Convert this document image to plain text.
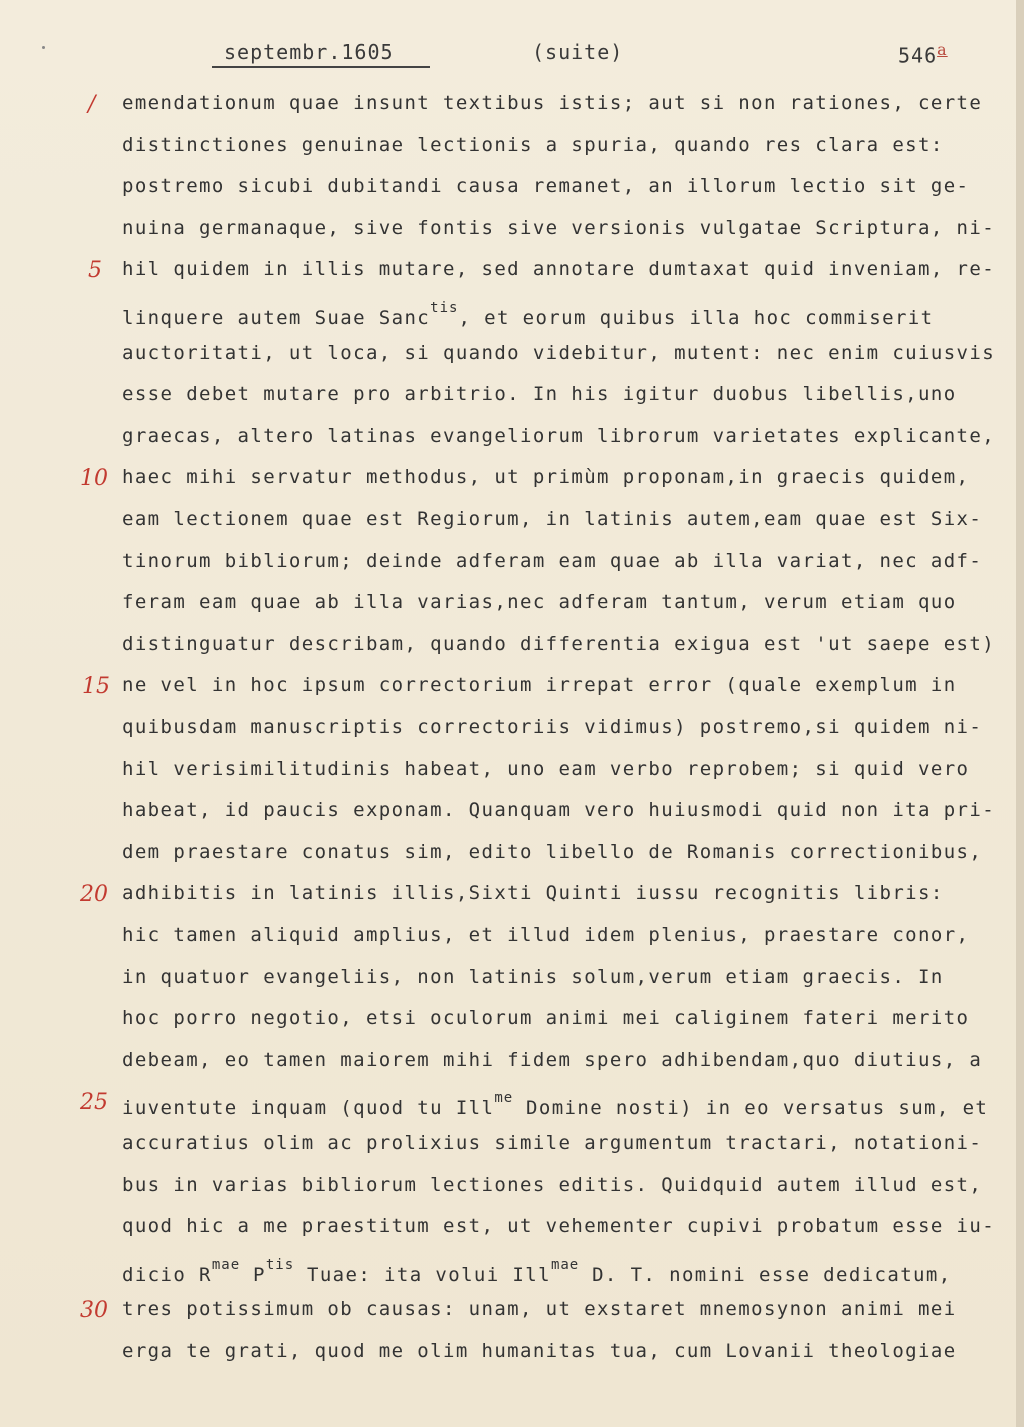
septembr.1605	(suite)	546$^a$
/
5
10
15
20
25
30
emendationum quae insunt textibus istis; aut si non rationes, certe
distinctiones genuinae lectionis a spuria, quando res clara est:
postremo sicubi dubitandi causa remanet, an illorum lectio sit ge-
nuina germanaque, sive fontis sive versionis vulgatae Scriptura, ni-
hil quidem in illis mutare, sed annotare dumtaxat quid inveniam, re-
linquere autem Suae Sanc$^{tis}$, et eorum quibus illa hoc commiserit
auctoritati, ut loca, si quando videbitur, mutent: nec enim cuiusvis
esse debet mutare pro arbitrio. In his igitur duobus libellis,uno
graecas, altero latinas evangeliorum librorum varietates explicante,
haec mihi servatur methodus, ut primùm proponam,in graecis quidem,
eam lectionem quae est Regiorum, in latinis autem,eam quae est Six-
tinorum bibliorum; deinde adferam eam quae ab illa variat, nec adf-
feram eam quae ab illa varias,nec adferam tantum, verum etiam quo
distinguatur describam, quando differentia exigua est 'ut saepe est)
ne vel in hoc ipsum correctorium irrepat error (quale exemplum in
quibusdam manuscriptis correctoriis vidimus) postremo,si quidem ni-
hil verisimilitudinis habeat, uno eam verbo reprobem; si quid vero
habeat, id paucis exponam. Quanquam vero huiusmodi quid non ita pri-
dem praestare conatus sim, edito libello de Romanis correctionibus,
adhibitis in latinis illis,Sixti Quinti iussu recognitis libris:
hic tamen aliquid amplius, et illud idem plenius, praestare conor,
in quatuor evangeliis, non latinis solum,verum etiam graecis. In
hoc porro negotio, etsi oculorum animi mei caliginem fateri merito
debeam, eo tamen maiorem mihi fidem spero adhibendam,quo diutius, a
iuventute inquam (quod tu Ill$^{me}$ Domine nosti) in eo versatus sum, et
accuratius olim ac prolixius simile argumentum tractari, notationi-
bus in varias bibliorum lectiones editis. Quidquid autem illud est,
quod hic a me praestitum est, ut vehementer cupivi probatum esse iu-
dicio $R^{mae}$ $P^{tis}$ Tuae: ita volui Ill$^{mae}$ D. T. nomini esse dedicatum,
tres potissimum ob causas: unam, ut exstaret mnemosynon animi mei
erga te grati, quod me olim humanitas tua, cum Lovanii theologiae
